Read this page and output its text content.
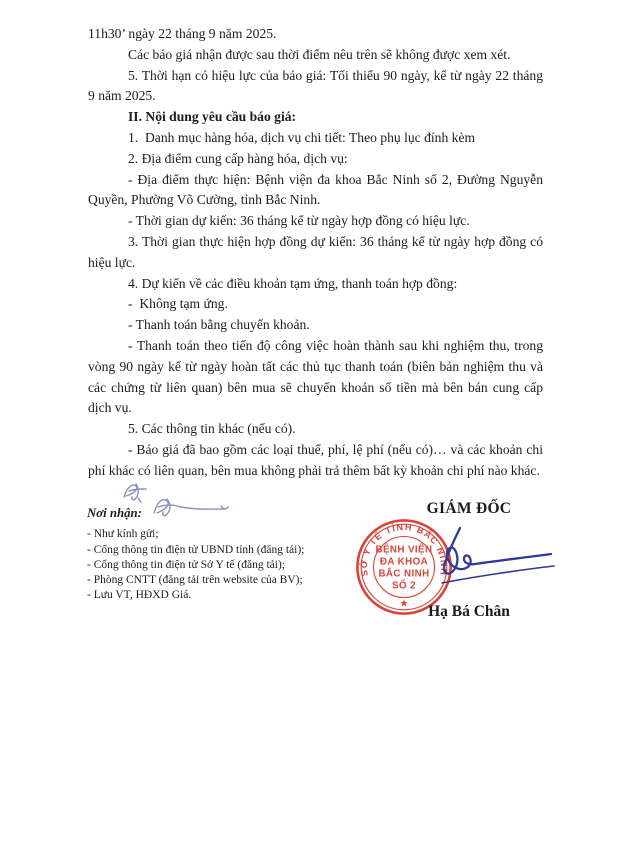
11h30’ ngày 22 tháng 9 năm 2025.

Các báo giá nhận được sau thời điểm nêu trên sẽ không được xem xét.

5. Thời hạn có hiệu lực của báo giá: Tối thiểu 90 ngày, kể từ ngày 22 tháng 9 năm 2025.

II. Nội dung yêu cầu báo giá:

1.  Danh mục hàng hóa, dịch vụ chi tiết: Theo phụ lục đính kèm

2. Địa điểm cung cấp hàng hóa, dịch vụ:

- Địa điểm thực hiện: Bệnh viện đa khoa Bắc Ninh số 2, Đường Nguyễn Quyền, Phường Võ Cường, tỉnh Bắc Ninh.

- Thời gian dự kiến: 36 tháng kể từ ngày hợp đồng có hiệu lực.

3. Thời gian thực hiện hợp đồng dự kiến: 36 tháng kể từ ngày hợp đồng có hiệu lực.

4. Dự kiến về các điều khoản tạm ứng, thanh toán hợp đồng:

-  Không tạm ứng.

- Thanh toán bằng chuyển khoản.

- Thanh toán theo tiến độ công việc hoàn thành sau khi nghiệm thu, trong vòng 90 ngày kể từ ngày hoàn tất các thủ tục thanh toán (biên bản nghiệm thu và các chứng từ liên quan) bên mua sẽ chuyển khoản số tiền mà bên bán cung cấp dịch vụ.

5. Các thông tin khác (nếu có).

- Báo giá đã bao gồm các loại thuế, phí, lệ phí (nếu có)… và các khoản chi phí khác có liên quan, bên mua không phải trả thêm bất kỳ khoản chi phí nào khác.

Nơi nhận:
- Như kính gửi;
- Cổng thông tin điện tử UBND tỉnh (đăng tải);
- Cổng thông tin điện tử Sở Y tế (đăng tải);
- Phòng CNTT (đăng tải trên website của BV);
- Lưu VT, HĐXD Giá.
GIÁM ĐỐC
SỞ Y TẾ TỈNH BẮC NINH
BỆNH VIỆN
ĐA KHOA
BẮC NINH
SỐ 2
★	Hạ Bá Chân
